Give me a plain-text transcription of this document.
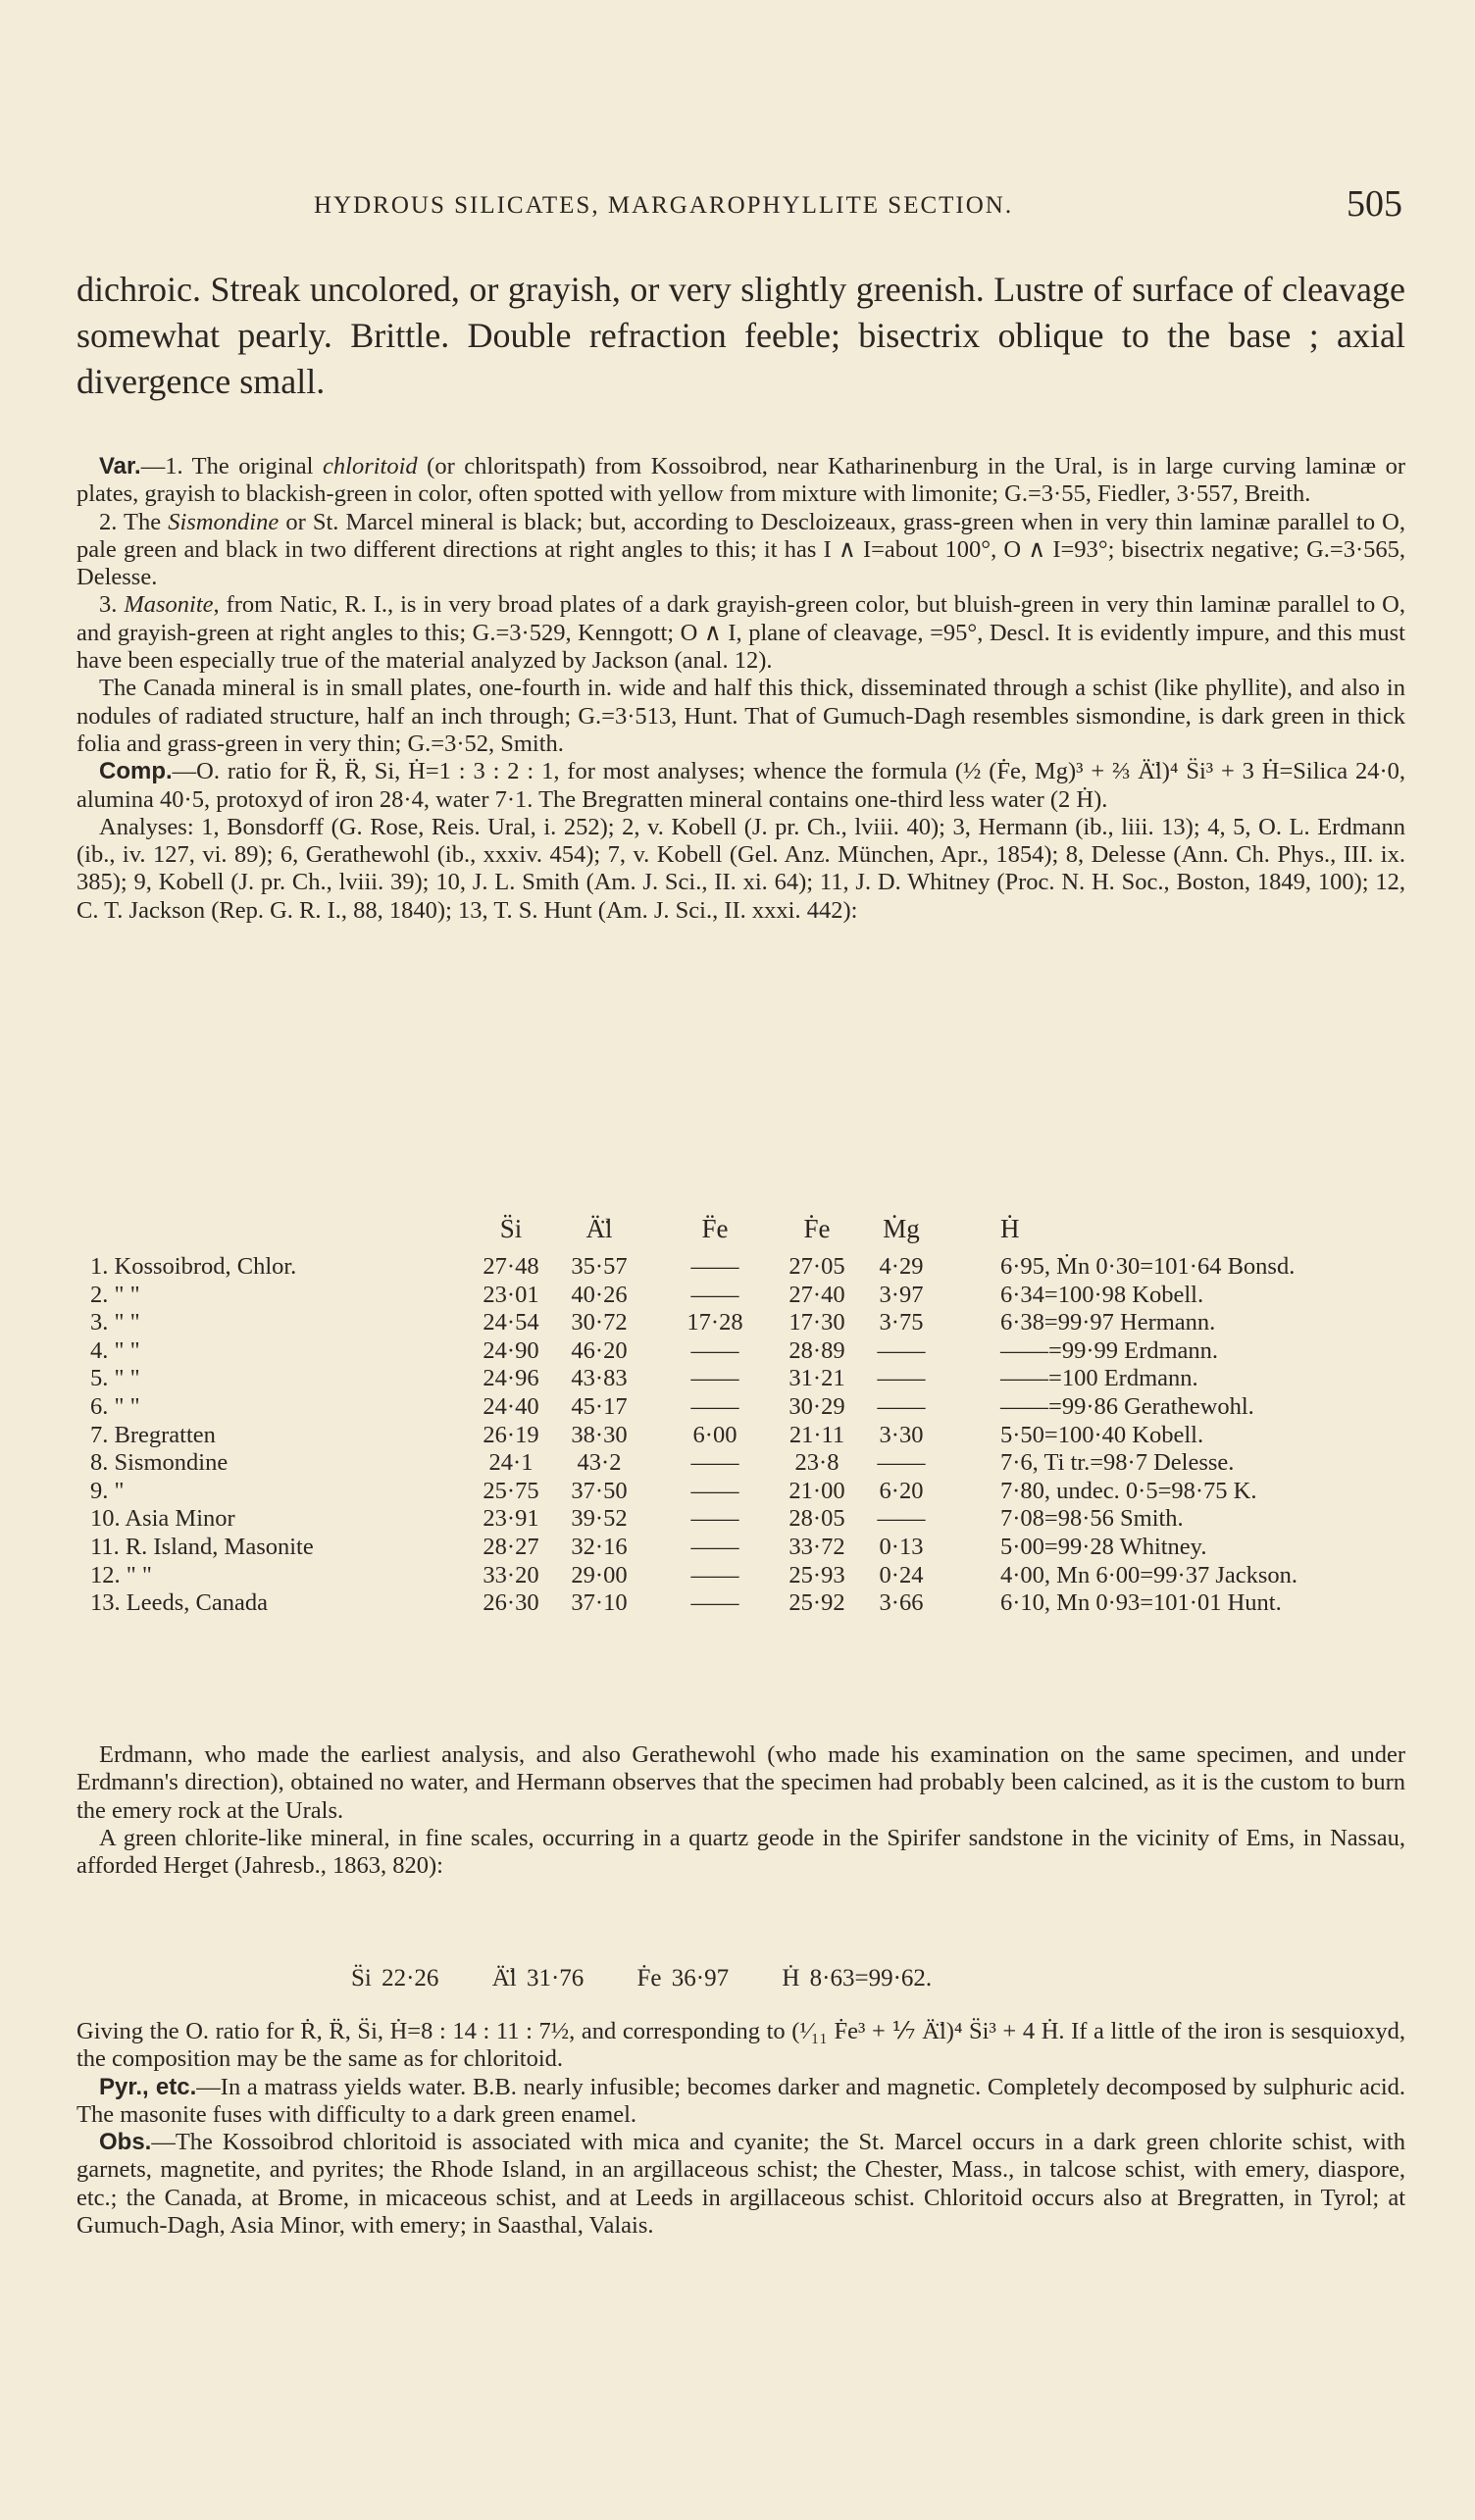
HYDROUS SILICATES, MARGAROPHYLLITE SECTION.	505

dichroic. Streak uncolored, or grayish, or very slightly greenish. Lustre of surface of cleavage somewhat pearly. Brittle. Double refraction feeble; bisectrix oblique to the base ; axial divergence small.

Var.—1. The original chloritoid (or chloritspath) from Kossoibrod, near Katharinenburg in the Ural, is in large curving laminæ or plates, grayish to blackish-green in color, often spotted with yellow from mixture with limonite; G.=3·55, Fiedler, 3·557, Breith.

2. The Sismondine or St. Marcel mineral is black; but, according to Descloizeaux, grass-green when in very thin laminæ parallel to O, pale green and black in two different directions at right angles to this; it has I ∧ I=about 100°, O ∧ I=93°; bisectrix negative; G.=3·565, Delesse.

3. Masonite, from Natic, R. I., is in very broad plates of a dark grayish-green color, but bluish-green in very thin laminæ parallel to O, and grayish-green at right angles to this; G.=3·529, Kenngott; O ∧ I, plane of cleavage, =95°, Descl. It is evidently impure, and this must have been especially true of the material analyzed by Jackson (anal. 12).

The Canada mineral is in small plates, one-fourth in. wide and half this thick, disseminated through a schist (like phyllite), and also in nodules of radiated structure, half an inch through; G.=3·513, Hunt. That of Gumuch-Dagh resembles sismondine, is dark green in thick folia and grass-green in very thin; G.=3·52, Smith.

Comp.—O. ratio for R̈, R̈, Si, Ḣ=1 : 3 : 2 : 1, for most analyses; whence the formula (½ (Ḟe, Mg)³ + ⅔ Ä̈l)⁴ S̈i³ + 3 Ḣ=Silica 24·0, alumina 40·5, protoxyd of iron 28·4, water 7·1. The Bregratten mineral contains one-third less water (2 Ḣ).

Analyses: 1, Bonsdorff (G. Rose, Reis. Ural, i. 252); 2, v. Kobell (J. pr. Ch., lviii. 40); 3, Hermann (ib., liii. 13); 4, 5, O. L. Erdmann (ib., iv. 127, vi. 89); 6, Gerathewohl (ib., xxxiv. 454); 7, v. Kobell (Gel. Anz. München, Apr., 1854); 8, Delesse (Ann. Ch. Phys., III. ix. 385); 9, Kobell (J. pr. Ch., lviii. 39); 10, J. L. Smith (Am. J. Sci., II. xi. 64); 11, J. D. Whitney (Proc. N. H. Soc., Boston, 1849, 100); 12, C. T. Jackson (Rep. G. R. I., 88, 1840); 13, T. S. Hunt (Am. J. Sci., II. xxxi. 442):

S̈i	Ä̈l	F̈e	Ḟe	Ṁg	Ḣ
1. Kossoibrod, Chlor.	27·48 35·57	——	27·05	4·29	6·95, Ṁn 0·30=101·64 Bonsd.
2. " "	23·01 40·26	——	27·40	3·97	6·34=100·98 Kobell.
3. " "	24·54 30·72 17·28 17·30	3·75	6·38=99·97 Hermann.
4. " "	24·90 46·20	——	28·89 ——	——=99·99 Erdmann.
5. " "	24·96 43·83	——	31·21 ——	——=100 Erdmann.
6. " "	24·40 45·17	——	30·29 ——	——=99·86 Gerathewohl.
7. Bregratten	26·19 38·30	6·00	21·11	3·30	5·50=100·40 Kobell.
8. Sismondine	24·1	43·2	——	23·8	——	7·6, Ti tr.=98·7 Delesse.
9. "	25·75 37·50	——	21·00	6·20	7·80, undec. 0·5=98·75 K.
10. Asia Minor	23·91 39·52	——	28·05 ——	7·08=98·56 Smith.
11. R. Island, Masonite	28·27 32·16	——	33·72	0·13	5·00=99·28 Whitney.
12. " "	33·20 29·00	——	25·93	0·24	4·00, Mn 6·00=99·37 Jackson.
13. Leeds, Canada	26·30 37·10	——	25·92	3·66	6·10, Mn 0·93=101·01 Hunt.

Erdmann, who made the earliest analysis, and also Gerathewohl (who made his examination on the same specimen, and under Erdmann's direction), obtained no water, and Hermann observes that the specimen had probably been calcined, as it is the custom to burn the emery rock at the Urals.

A green chlorite-like mineral, in fine scales, occurring in a quartz geode in the Spirifer sandstone in the vicinity of Ems, in Nassau, afforded Herget (Jahresb., 1863, 820):

S̈i 22·26 Ä̈l 31·76 Ḟe 36·97 Ḣ 8·63=99·62.

Giving the O. ratio for Ṙ, R̈, S̈i, Ḣ=8 : 14 : 11 : 7½, and corresponding to (¹⁄₁₁ Ḟe³ + ⅐ Ä̈l)⁴ S̈i³ + 4 Ḣ. If a little of the iron is sesquioxyd, the composition may be the same as for chloritoid.

Pyr., etc.—In a matrass yields water. B.B. nearly infusible; becomes darker and magnetic. Completely decomposed by sulphuric acid. The masonite fuses with difficulty to a dark green enamel.

Obs.—The Kossoibrod chloritoid is associated with mica and cyanite; the St. Marcel occurs in a dark green chlorite schist, with garnets, magnetite, and pyrites; the Rhode Island, in an argillaceous schist; the Chester, Mass., in talcose schist, with emery, diaspore, etc.; the Canada, at Brome, in micaceous schist, and at Leeds in argillaceous schist. Chloritoid occurs also at Bregratten, in Tyrol; at Gumuch-Dagh, Asia Minor, with emery; in Saasthal, Valais.
